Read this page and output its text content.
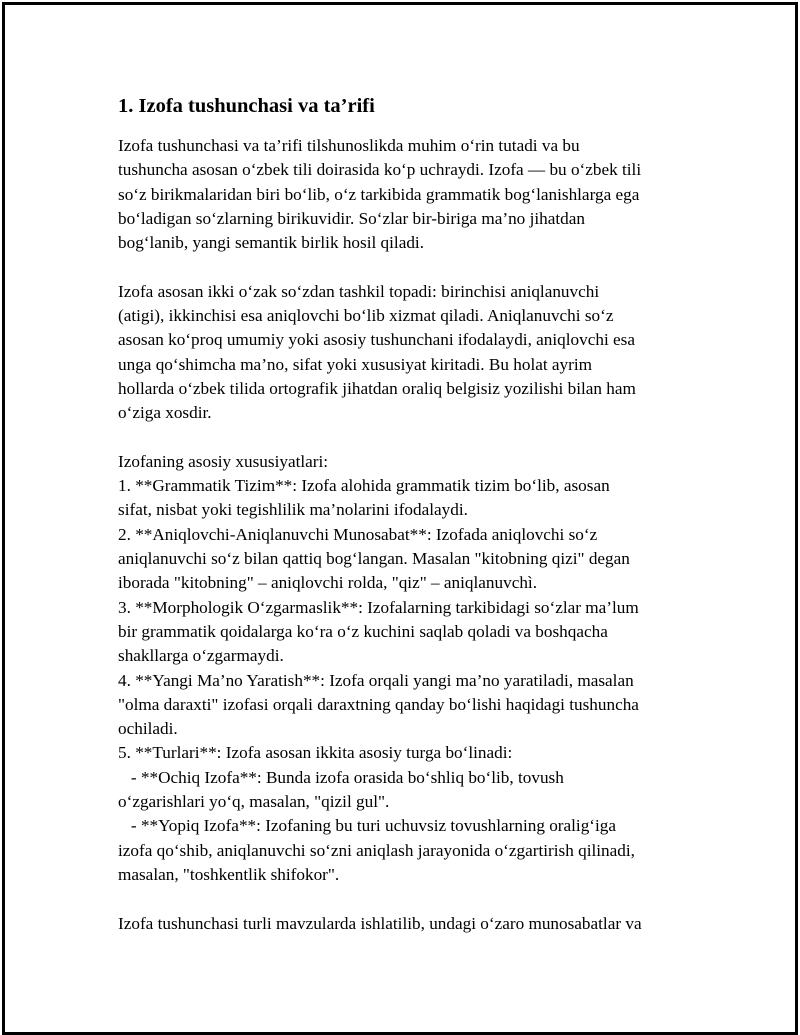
1. Izofa tushunchasi va ta’rifi
Izofa tushunchasi va ta’rifi tilshunoslikda muhim o‘rin tutadi va bu
tushuncha asosan o‘zbek tili doirasida ko‘p uchraydi. Izofa — bu o‘zbek tili
so‘z birikmalaridan biri bo‘lib, o‘z tarkibida grammatik bog‘lanishlarga ega
bo‘ladigan so‘zlarning birikuvidir. So‘zlar bir-biriga ma’no jihatdan
bog‘lanib, yangi semantik birlik hosil qiladi.
Izofa asosan ikki o‘zak so‘zdan tashkil topadi: birinchisi aniqlanuvchi
(atigi), ikkinchisi esa aniqlovchi bo‘lib xizmat qiladi. Aniqlanuvchi so‘z
asosan ko‘proq umumiy yoki asosiy tushunchani ifodalaydi, aniqlovchi esa
unga qo‘shimcha ma’no, sifat yoki xususiyat kiritadi. Bu holat ayrim
hollarda o‘zbek tilida ortografik jihatdan oraliq belgisiz yozilishi bilan ham
o‘ziga xosdir.
Izofaning asosiy xususiyatlari:
1. **Grammatik Tizim**: Izofa alohida grammatik tizim bo‘lib, asosan
sifat, nisbat yoki tegishlilik ma’nolarini ifodalaydi.
2. **Aniqlovchi-Aniqlanuvchi Munosabat**: Izofada aniqlovchi so‘z
aniqlanuvchi so‘z bilan qattiq bog‘langan. Masalan "kitobning qizi" degan
iborada "kitobning" – aniqlovchi rolda, "qiz" – aniqlanuvchì.
3. **Morphologik O‘zgarmaslik**: Izofalarning tarkibidagi so‘zlar ma’lum
bir grammatik qoidalarga ko‘ra o‘z kuchini saqlab qoladi va boshqacha
shakllarga o‘zgarmaydi.
4. **Yangi Ma’no Yaratish**: Izofa orqali yangi ma’no yaratiladi, masalan
"olma daraxti" izofasi orqali daraxtning qanday bo‘lishi haqidagi tushuncha
ochiladi.
5. **Turlari**: Izofa asosan ikkita asosiy turga bo‘linadi:
- **Ochiq Izofa**: Bunda izofa orasida bo‘shliq bo‘lib, tovush
o‘zgarishlari yo‘q, masalan, "qizil gul".
- **Yopiq Izofa**: Izofaning bu turi uchuvsiz tovushlarning oralig‘iga
izofa qo‘shib, aniqlanuvchi so‘zni aniqlash jarayonida o‘zgartirish qilinadi,
masalan, "toshkentlik shifokor".
Izofa tushunchasi turli mavzularda ishlatilib, undagi o‘zaro munosabatlar va
